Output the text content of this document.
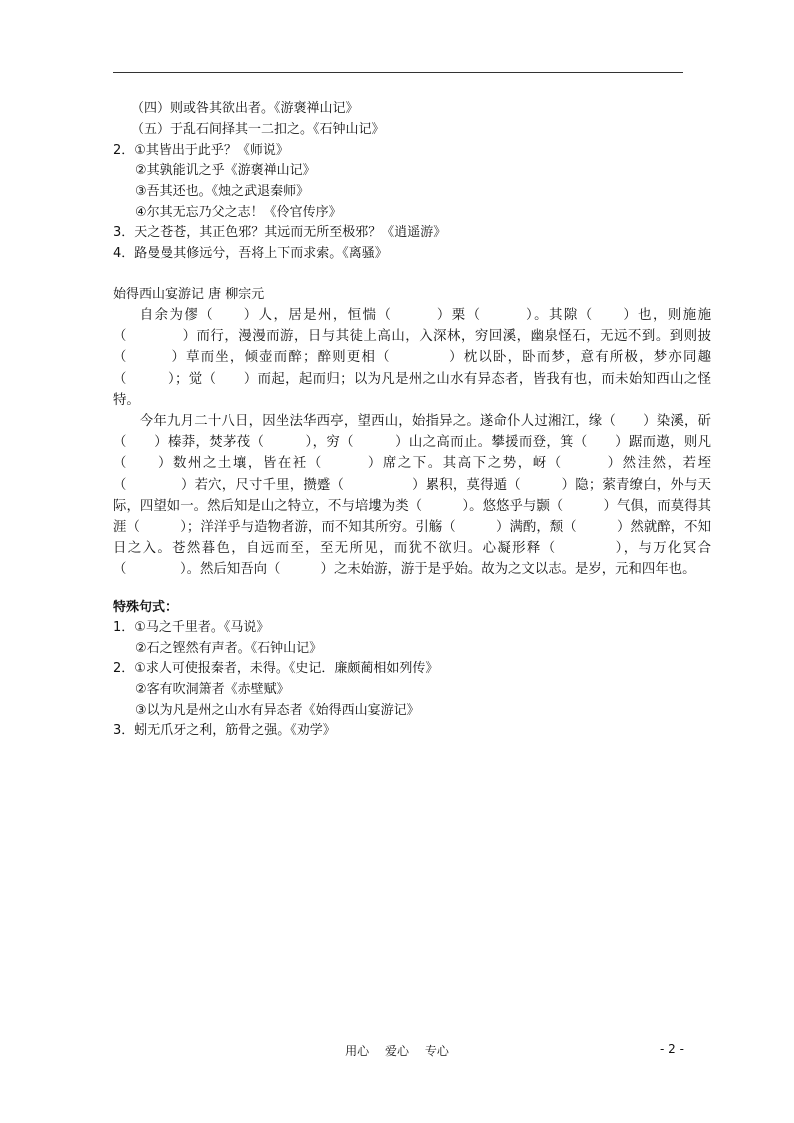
（四）则或咎其欲出者。《游褒禅山记》
（五）于乱石间择其一二扣之。《石钟山记》
2．①其皆出于此乎？《师说》
②其孰能讥之乎《游褒禅山记》
③吾其还也。《烛之武退秦师》
④尔其无忘乃父之志！《伶官传序》
3．天之苍苍，其正色邪？其远而无所至极邪？《逍遥游》
4．路曼曼其修远兮，吾将上下而求索。《离骚》
始得西山宴游记 唐 柳宗元

自余为僇（　　）人，居是州，恒惴（　　　）栗（　　　）。其隙（　　）也，则施施（　　　　）而行，漫漫而游，日与其徒上高山，入深林，穷回溪，幽泉怪石，无远不到。到则披（　　　）草而坐，倾壶而醉；醉则更相（　　　　）枕以卧，卧而梦，意有所极，梦亦同趣（　　　）；觉（　　）而起，起而归；以为凡是州之山水有异态者，皆我有也，而未始知西山之怪特。

今年九月二十八日，因坐法华西亭，望西山，始指异之。遂命仆人过湘江，缘（　　）染溪，斫（　　）榛莽，焚茅茷（　　　），穷（　　　）山之高而止。攀援而登，箕（　　）踞而遨，则凡（　　）数州之土壤，皆在衽（　　　）席之下。其高下之势，岈（　　　）然洼然，若垤（　　　　）若穴，尺寸千里，攒蹙（　　　　　）累积，莫得遁（　　　）隐；萦青缭白，外与天际，四望如一。然后知是山之特立，不与培塿为类（　　　）。悠悠乎与颢（　　　）气俱，而莫得其涯（　　　）；洋洋乎与造物者游，而不知其所穷。引觞（　　　）满酌，颓（　　　）然就醉，不知日之入。苍然暮色，自远而至，至无所见，而犹不欲归。心凝形释（　　　　），与万化冥合（　　　　）。然后知吾向（　　　）之未始游，游于是乎始。故为之文以志。是岁，元和四年也。

特殊句式：
1．①马之千里者。《马说》
②石之铿然有声者。《石钟山记》
2．①求人可使报秦者，未得。《史记．廉颇蔺相如列传》
②客有吹洞箫者《赤壁赋》
③以为凡是州之山水有异态者《始得西山宴游记》
3．蚓无爪牙之利，筋骨之强。《劝学》
用心 爱心 专心	- 2 -
